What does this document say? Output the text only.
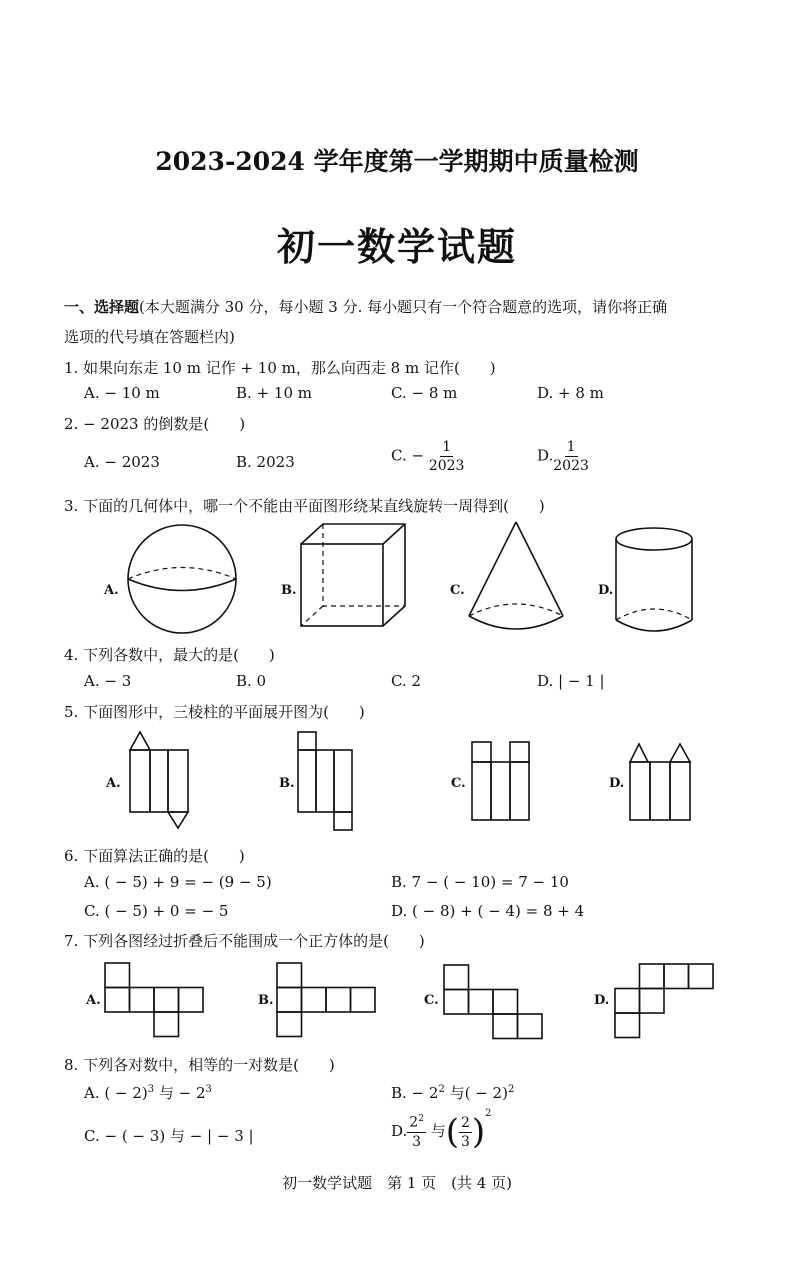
2023-2024 学年度第一学期期中质量检测
初一数学试题
一、选择题(本大题满分 30 分，每小题 3 分. 每小题只有一个符合题意的选项，请你将正确
选项的代号填在答题栏内)
1. 如果向东走 10 m 记作 + 10 m，那么向西走 8 m 记作(　　)
A. − 10 m	B. + 10 m	C. − 8 m	D. + 8 m
2. − 2023 的倒数是(　　)
A. − 2023	B. 2023	C. − $\frac{1}{2023}$	D. $\frac{1}{2023}$
3. 下面的几何体中，哪一个不能由平面图形绕某直线旋转一周得到(　　)
A.	B.	C.	D.
4. 下列各数中，最大的是(　　)
A. − 3	B. 0	C. 2	D. | − 1 |
5. 下面图形中，三棱柱的平面展开图为(　　)
A.	B.	C.	D.
6. 下面算法正确的是(　　)
A. ( − 5) + 9 = − (9 − 5)	B. 7 − ( − 10) = 7 − 10
C. ( − 5) + 0 = − 5	D. ( − 8) + ( − 4) = 8 + 4
7. 下列各图经过折叠后不能围成一个正方体的是(　　)
A.	B.	C.	D.
8. 下列各对数中，相等的一对数是(　　)
A. ( − 2)$^3$ 与 − $2^3$	B. − $2^2$ 与( − 2)$^2$
C. − ( − 3) 与 − | − 3 |	D. $\frac{2^2}{3}$ 与( $\frac{2}{3} )^2$
初一数学试题　第 1 页　(共 4 页)
